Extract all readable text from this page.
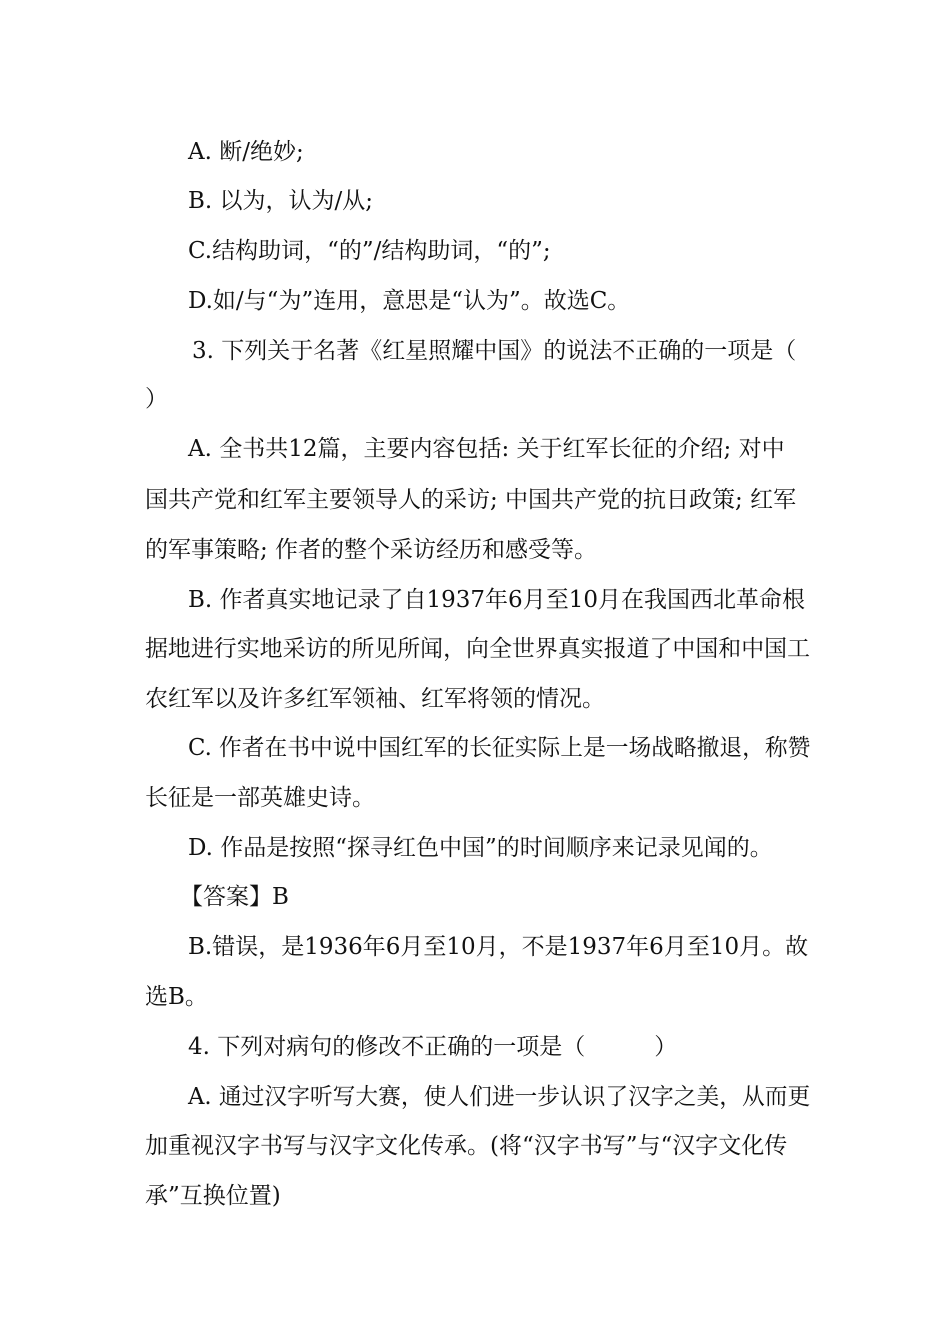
A. 断/绝妙;
B. 以为，认为/从;
C.结构助词，“的”/结构助词，“的”;
D.如/与“为”连用，意思是“认为”。故选C。
3. 下列关于名著《红星照耀中国》的说法不正确的一项是（
）
A. 全书共12篇，主要内容包括: 关于红军长征的介绍; 对中
国共产党和红军主要领导人的采访; 中国共产党的抗日政策; 红军
的军事策略; 作者的整个采访经历和感受等。
B. 作者真实地记录了自1937年6月至10月在我国西北革命根
据地进行实地采访的所见所闻，向全世界真实报道了中国和中国工
农红军以及许多红军领袖、红军将领的情况。
C. 作者在书中说中国红军的长征实际上是一场战略撤退，称赞
长征是一部英雄史诗。
D. 作品是按照“探寻红色中国”的时间顺序来记录见闻的。
【答案】B
B.错误，是1936年6月至10月，不是1937年6月至10月。故
选B。
4. 下列对病句的修改不正确的一项是（　　　）
A. 通过汉字听写大赛，使人们进一步认识了汉字之美，从而更
加重视汉字书写与汉字文化传承。(将“汉字书写”与“汉字文化传
承”互换位置)
